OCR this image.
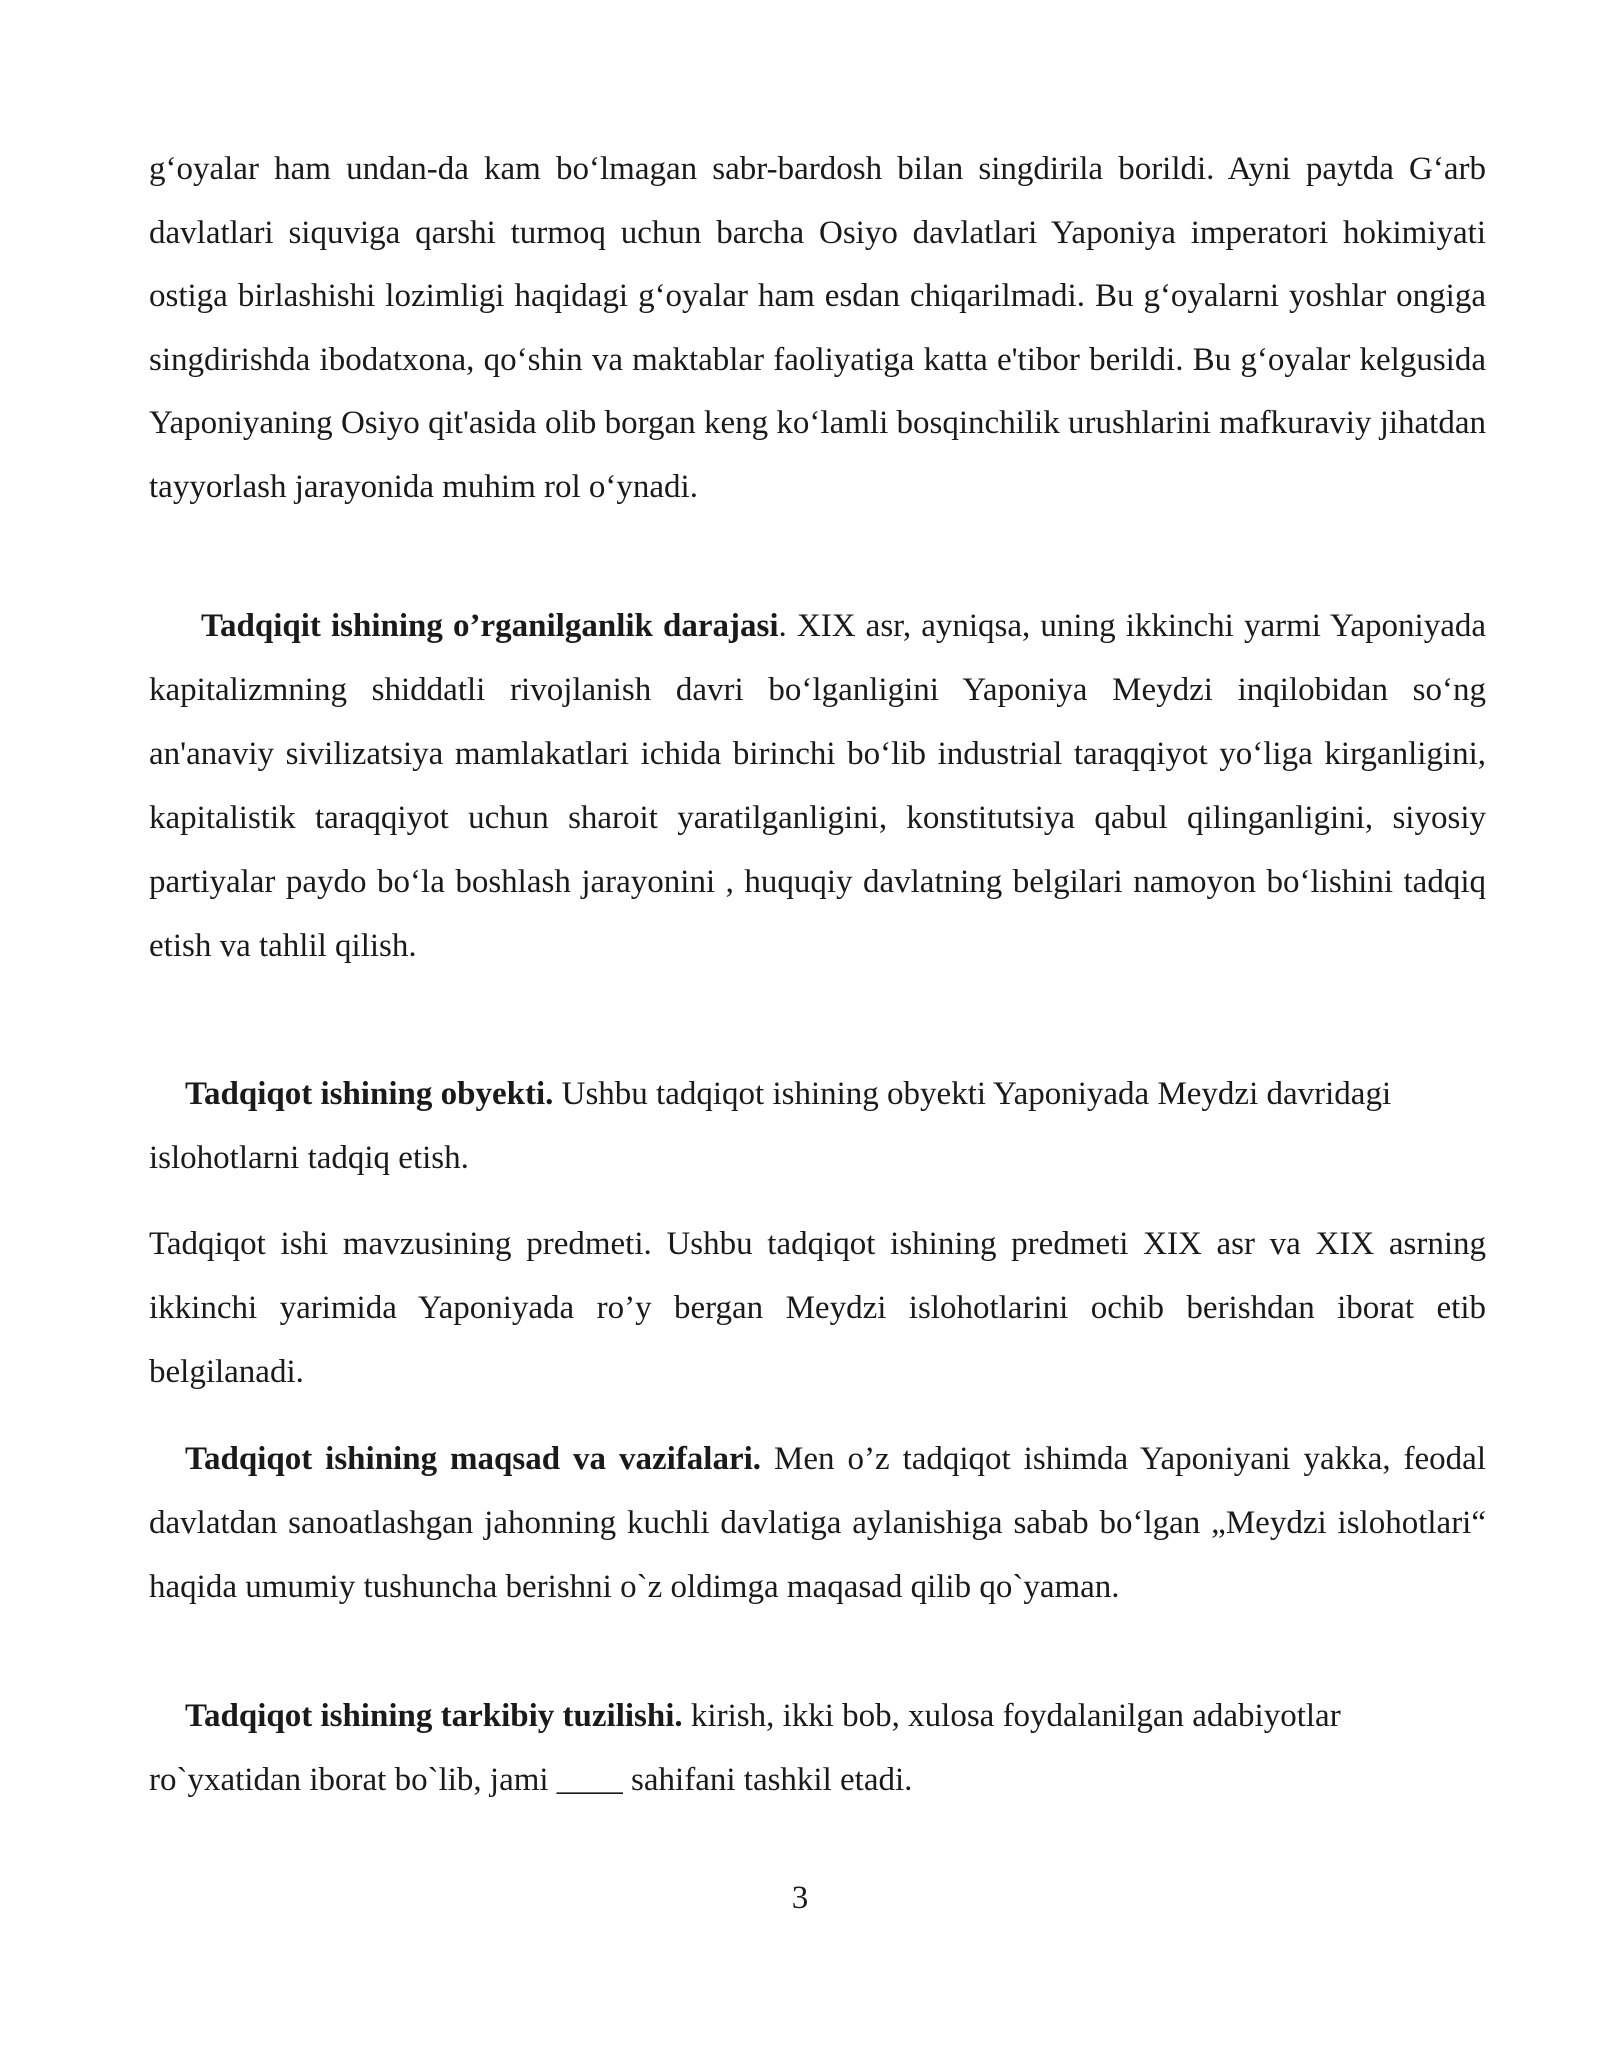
g‘oyalar ham undan-da kam bo‘lmagan sabr-bardosh bilan singdirila borildi. Ayni paytda G‘arb davlatlari siquviga qarshi turmoq uchun barcha Osiyo davlatlari Yaponiya imperatori hokimiyati ostiga birlashishi lozimligi haqidagi g‘oyalar ham esdan chiqarilmadi. Bu g‘oyalarni yoshlar ongiga singdirishda ibodatxona, qo‘shin va maktablar faoliyatiga katta e'tibor berildi. Bu g‘oyalar kelgusida Yaponiyaning Osiyo qit'asida olib borgan keng ko‘lamli bosqinchilik urushlarini mafkuraviy jihatdan tayyorlash jarayonida muhim rol o‘ynadi.

Tadqiqit ishining o’rganilganlik darajasi. XIX asr, ayniqsa, uning ikkinchi yarmi Yaponiyada kapitalizmning shiddatli rivojlanish davri bo‘lganligini Yaponiya Meydzi inqilobidan so‘ng an'anaviy sivilizatsiya mamlakatlari ichida birinchi bo‘lib industrial taraqqiyot yo‘liga kirganligini, kapitalistik taraqqiyot uchun sharoit yaratilganligini, konstitutsiya qabul qilinganligini, siyosiy partiyalar paydo bo‘la boshlash jarayonini , huquqiy davlatning belgilari namoyon bo‘lishini tadqiq etish va tahlil qilish.

Tadqiqot ishining obyekti. Ushbu tadqiqot ishining obyekti Yaponiyada Meydzi davridagi islohotlarni tadqiq etish.

Tadqiqot ishi mavzusining predmeti. Ushbu tadqiqot ishining predmeti XIX asr va XIX asrning ikkinchi yarimida Yaponiyada ro’y bergan Meydzi islohotlarini ochib berishdan iborat etib belgilanadi.

Tadqiqot ishining maqsad va vazifalari. Men o’z tadqiqot ishimda Yaponiyani yakka, feodal davlatdan sanoatlashgan jahonning kuchli davlatiga aylanishiga sabab bo‘lgan „Meydzi islohotlari“ haqida umumiy tushuncha berishni o`z oldimga maqasad qilib qo`yaman.

Tadqiqot ishining tarkibiy tuzilishi. kirish, ikki bob, xulosa foydalanilgan adabiyotlar ro`yxatidan iborat bo`lib, jami ____ sahifani tashkil etadi.

3
